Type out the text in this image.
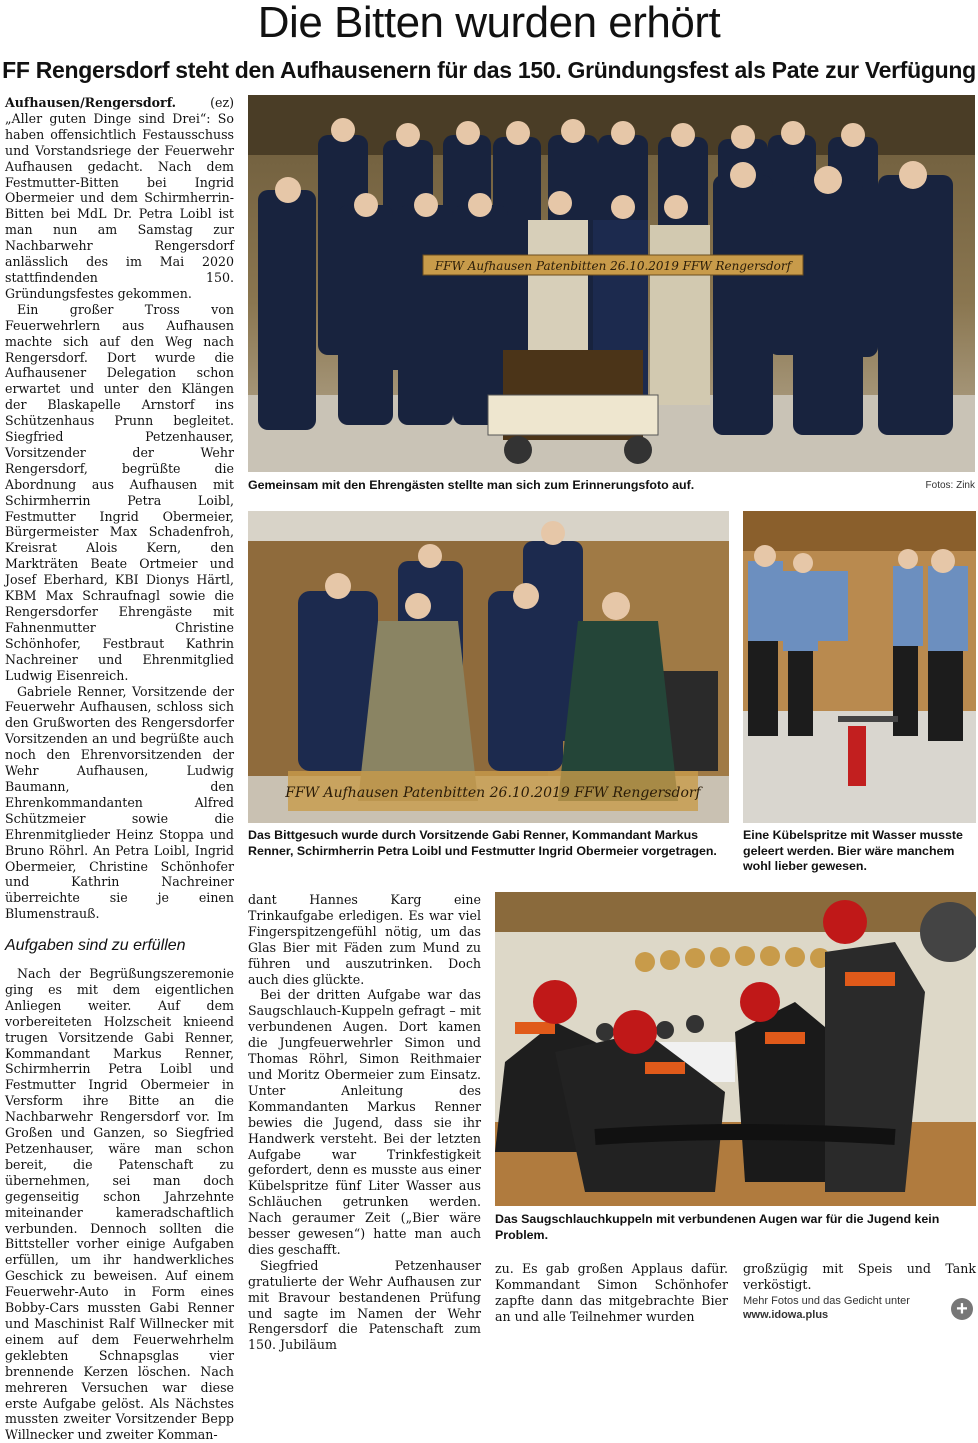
Die Bitten wurden erhört
FF Rengersdorf steht den Aufhausenern für das 150. Gründungsfest als Pate zur Verfügung

Aufhausen/Rengersdorf. (ez) „Aller guten Dinge sind Drei“: So haben offensichtlich Festausschuss und Vorstandsriege der Feuerwehr Aufhausen gedacht. Nach dem Festmutter-Bitten bei Ingrid Obermeier und dem Schirmherrin-Bitten bei MdL Dr. Petra Loibl ist man nun am Samstag zur Nachbarwehr Rengersdorf anlässlich des im Mai 2020 stattfindenden 150. Gründungsfestes gekommen.

Ein großer Tross von Feuerwehrlern aus Aufhausen machte sich auf den Weg nach Rengersdorf. Dort wurde die Aufhausener Delegation schon erwartet und unter den Klängen der Blaskapelle Arnstorf ins Schützenhaus Prunn begleitet. Siegfried Petzenhauser, Vorsitzender der Wehr Rengersdorf, begrüßte die Abordnung aus Aufhausen mit Schirmherrin Petra Loibl, Festmutter Ingrid Obermeier, Bürgermeister Max Schadenfroh, Kreisrat Alois Kern, den Markträten Beate Ortmeier und Josef Eberhard, KBI Dionys Härtl, KBM Max Schraufnagl sowie die Rengersdorfer Ehrengäste mit Fahnenmutter Christine Schönhofer, Festbraut Kathrin Nachreiner und Ehrenmitglied Ludwig Eisenreich.

Gabriele Renner, Vorsitzende der Feuerwehr Aufhausen, schloss sich den Grußworten des Rengersdorfer Vorsitzenden an und begrüßte auch noch den Ehrenvorsitzenden der Wehr Aufhausen, Ludwig Baumann, den Ehrenkommandanten Alfred Schützmeier sowie die Ehrenmitglieder Heinz Stoppa und Bruno Röhrl. An Petra Loibl, Ingrid Obermeier, Christine Schönhofer und Kathrin Nachreiner überreichte sie je einen Blumenstrauß.

Aufgaben sind zu erfüllen

Nach der Begrüßungszeremonie ging es mit dem eigentlichen Anliegen weiter. Auf dem vorbereiteten Holzscheit knieend trugen Vorsitzende Gabi Renner, Kommandant Markus Renner, Schirmherrin Petra Loibl und Festmutter Ingrid Obermeier in Versform ihre Bitte an die Nachbarwehr Rengersdorf vor. Im Großen und Ganzen, so Siegfried Petzenhauser, wäre man schon bereit, die Patenschaft zu übernehmen, sei man doch gegenseitig schon Jahrzehnte miteinander kameradschaftlich verbunden. Dennoch sollten die Bittsteller vorher einige Aufgaben erfüllen, um ihr handwerkliches Geschick zu beweisen. Auf einem Feuerwehr-Auto in Form eines Bobby-Cars mussten Gabi Renner und Maschinist Ralf Willnecker mit einem auf dem Feuerwehrhelm geklebten Schnapsglas vier brennende Kerzen löschen. Nach mehreren Versuchen war diese erste Aufgabe gelöst. Als Nächstes mussten zweiter Vorsitzender Bepp Willnecker und zweiter Komman-

FFW Aufhausen Patenbitten 26.10.2019 FFW Rengersdorf
Gemeinsam mit den Ehrengästen stellte man sich zum Erinnerungsfoto auf.	Fotos: Zink
FFW Aufhausen Patenbitten 26.10.2019 FFW Rengersdorf
Das Bittgesuch wurde durch Vorsitzende Gabi Renner, Kommandant Markus Renner, Schirmherrin Petra Loibl und Festmutter Ingrid Obermeier vorgetragen.
Eine Kübelspritze mit Wasser musste geleert werden. Bier wäre manchem wohl lieber gewesen.

dant Hannes Karg eine Trinkaufgabe erledigen. Es war viel Fingerspitzengefühl nötig, um das Glas Bier mit Fäden zum Mund zu führen und auszutrinken. Doch auch dies glückte.

Bei der dritten Aufgabe war das Saugschlauch-Kuppeln gefragt – mit verbundenen Augen. Dort kamen die Jungfeuerwehrler Simon und Thomas Röhrl, Simon Reithmaier und Moritz Obermeier zum Einsatz. Unter Anleitung des Kommandanten Markus Renner bewies die Jugend, dass sie ihr Handwerk versteht. Bei der letzten Aufgabe war Trinkfestigkeit gefordert, denn es musste aus einer Kübelspritze fünf Liter Wasser aus Schläuchen getrunken werden. Nach geraumer Zeit („Bier wäre besser gewesen“) hatte man auch dies geschafft.

Siegfried Petzenhauser gratulierte der Wehr Aufhausen zur mit Bravour bestandenen Prüfung und sagte im Namen der Wehr Rengersdorf die Patenschaft zum 150. Jubiläum

Das Saugschlauchkuppeln mit verbundenen Augen war für die Jugend kein Problem.

zu. Es gab großen Applaus dafür. Kommandant Simon Schönhofer zapfte dann das mitgebrachte Bier an und alle Teilnehmer wurden

großzügig mit Speis und Tank verköstigt.

Mehr Fotos und das Gedicht unter
www.idowa.plus	+
